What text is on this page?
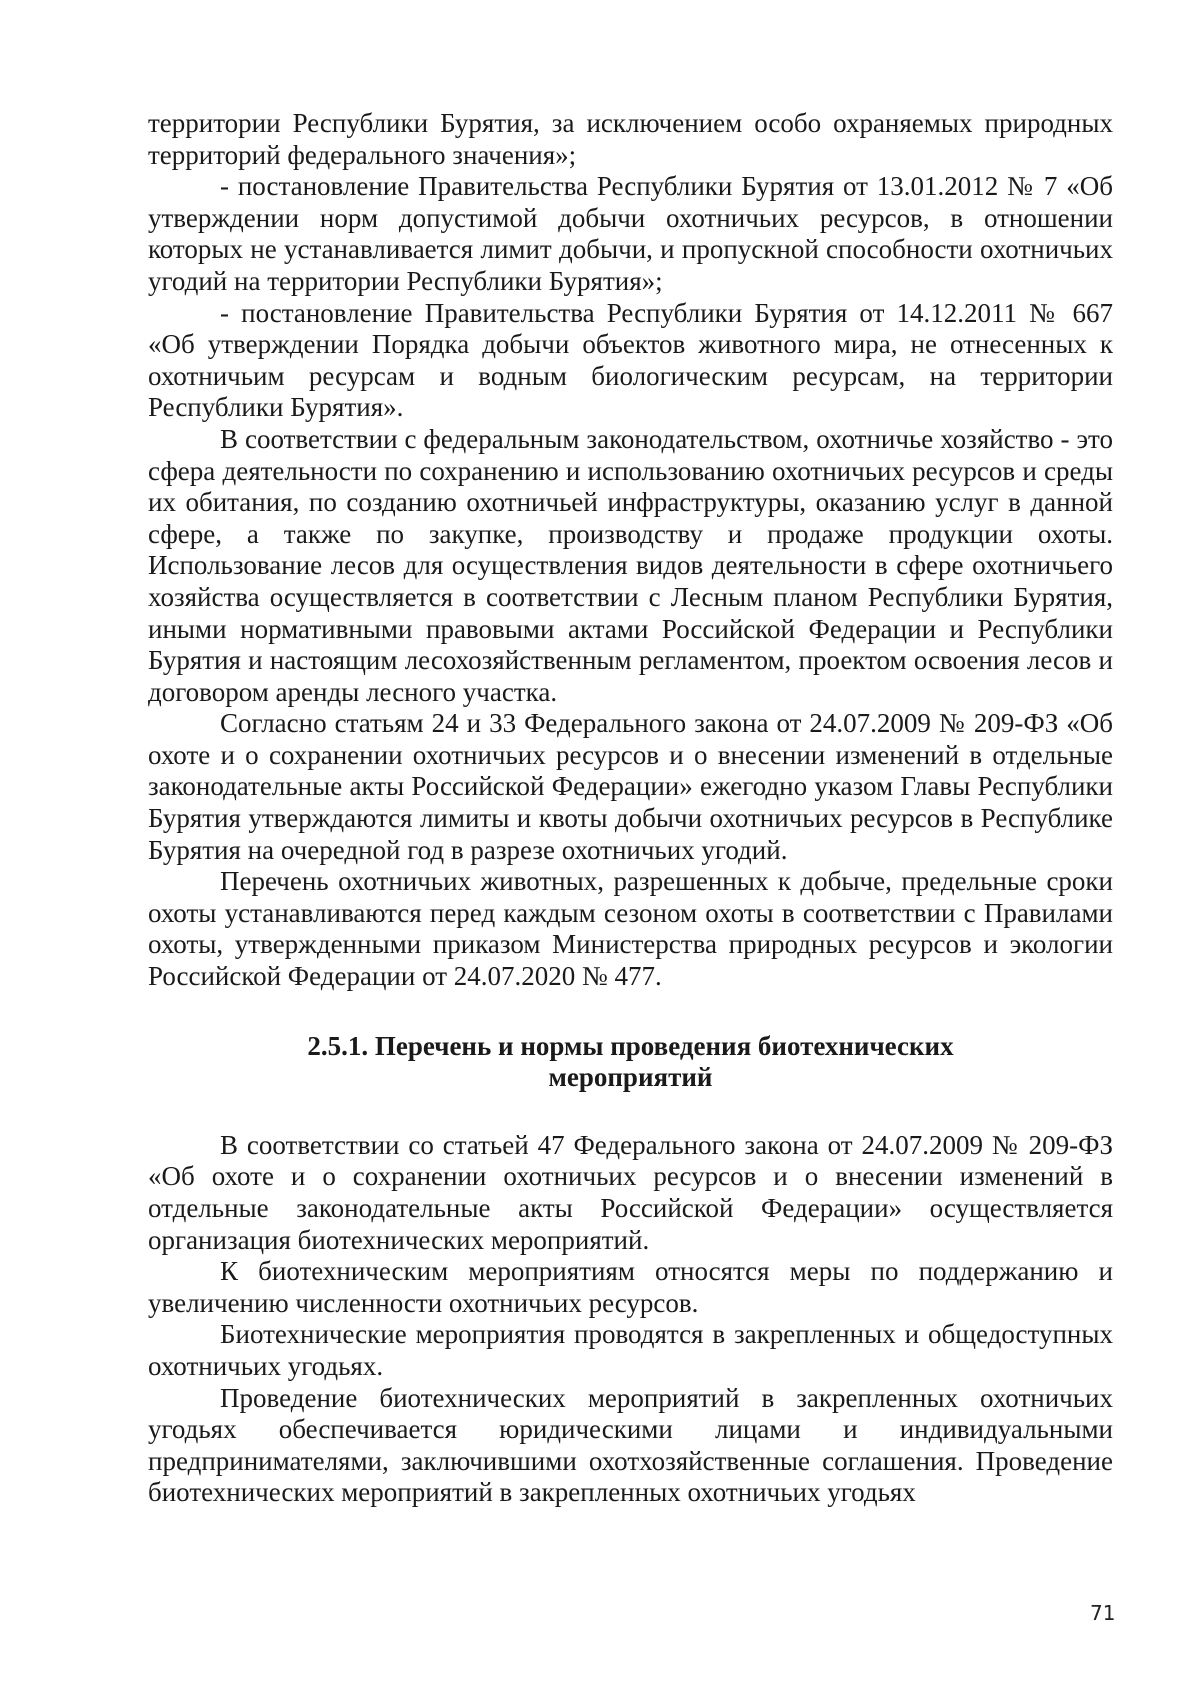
территории Республики Бурятия, за исключением особо охраняемых природных территорий федерального значения»;

- постановление Правительства Республики Бурятия от 13.01.2012 № 7 «Об утверждении норм допустимой добычи охотничьих ресурсов, в отношении которых не устанавливается лимит добычи, и пропускной способности охотничьих угодий на территории Республики Бурятия»;

- постановление Правительства Республики Бурятия от 14.12.2011 № 667 «Об утверждении Порядка добычи объектов животного мира, не отнесенных к охотничьим ресурсам и водным биологическим ресурсам, на территории Республики Бурятия».

В соответствии с федеральным законодательством, охотничье хозяйство - это сфера деятельности по сохранению и использованию охотничьих ресурсов и среды их обитания, по созданию охотничьей инфраструктуры, оказанию услуг в данной сфере, а также по закупке, производству и продаже продукции охоты. Использование лесов для осуществления видов деятельности в сфере охотничьего хозяйства осуществляется в соответствии с Лесным планом Республики Бурятия, иными нормативными правовыми актами Российской Федерации и Республики Бурятия и настоящим лесохозяйственным регламентом, проектом освоения лесов и договором аренды лесного участка.

Согласно статьям 24 и 33 Федерального закона от 24.07.2009 № 209-ФЗ «Об охоте и о сохранении охотничьих ресурсов и о внесении изменений в отдельные законодательные акты Российской Федерации» ежегодно указом Главы Республики Бурятия утверждаются лимиты и квоты добычи охотничьих ресурсов в Республике Бурятия на очередной год в разрезе охотничьих угодий.

Перечень охотничьих животных, разрешенных к добыче, предельные сроки охоты устанавливаются перед каждым сезоном охоты в соответствии с Правилами охоты, утвержденными приказом Министерства природных ресурсов и экологии Российской Федерации от 24.07.2020 № 477.

2.5.1. Перечень и нормы проведения биотехнических
мероприятий

В соответствии со статьей 47 Федерального закона от 24.07.2009 № 209-ФЗ «Об охоте и о сохранении охотничьих ресурсов и о внесении изменений в отдельные законодательные акты Российской Федерации» осуществляется организация биотехнических мероприятий.

К биотехническим мероприятиям относятся меры по поддержанию и увеличению численности охотничьих ресурсов.

Биотехнические мероприятия проводятся в закрепленных и общедоступных охотничьих угодьях.

Проведение биотехнических мероприятий в закрепленных охотничьих угодьях обеспечивается юридическими лицами и индивидуальными предпринимателями, заключившими охотхозяйственные соглашения. Проведение биотехнических мероприятий в закрепленных охотничьих угодьях

71
